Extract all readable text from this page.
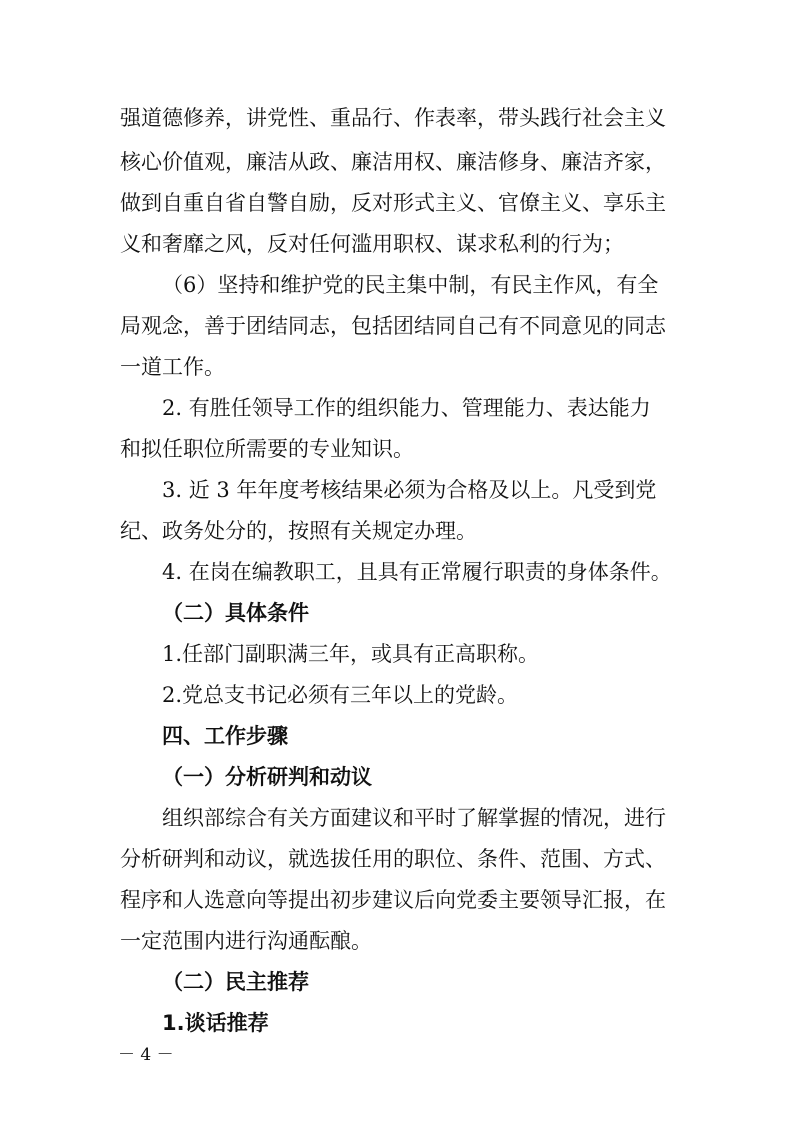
强道德修养，讲党性、重品行、作表率，带头践行社会主义
核心价值观，廉洁从政、廉洁用权、廉洁修身、廉洁齐家，
做到自重自省自警自励，反对形式主义、官僚主义、享乐主
义和奢靡之风，反对任何滥用职权、谋求私利的行为；
（6）坚持和维护党的民主集中制，有民主作风，有全
局观念，善于团结同志，包括团结同自己有不同意见的同志
一道工作。
2. 有胜任领导工作的组织能力、管理能力、表达能力
和拟任职位所需要的专业知识。
3. 近 3 年年度考核结果必须为合格及以上。凡受到党
纪、政务处分的，按照有关规定办理。
4. 在岗在编教职工，且具有正常履行职责的身体条件。
（二）具体条件
1.任部门副职满三年，或具有正高职称。
2.党总支书记必须有三年以上的党龄。
四、工作步骤
（一）分析研判和动议
组织部综合有关方面建议和平时了解掌握的情况，进行
分析研判和动议，就选拔任用的职位、条件、范围、方式、
程序和人选意向等提出初步建议后向党委主要领导汇报，在
一定范围内进行沟通酝酿。
（二）民主推荐
1.谈话推荐
－ 4 －
